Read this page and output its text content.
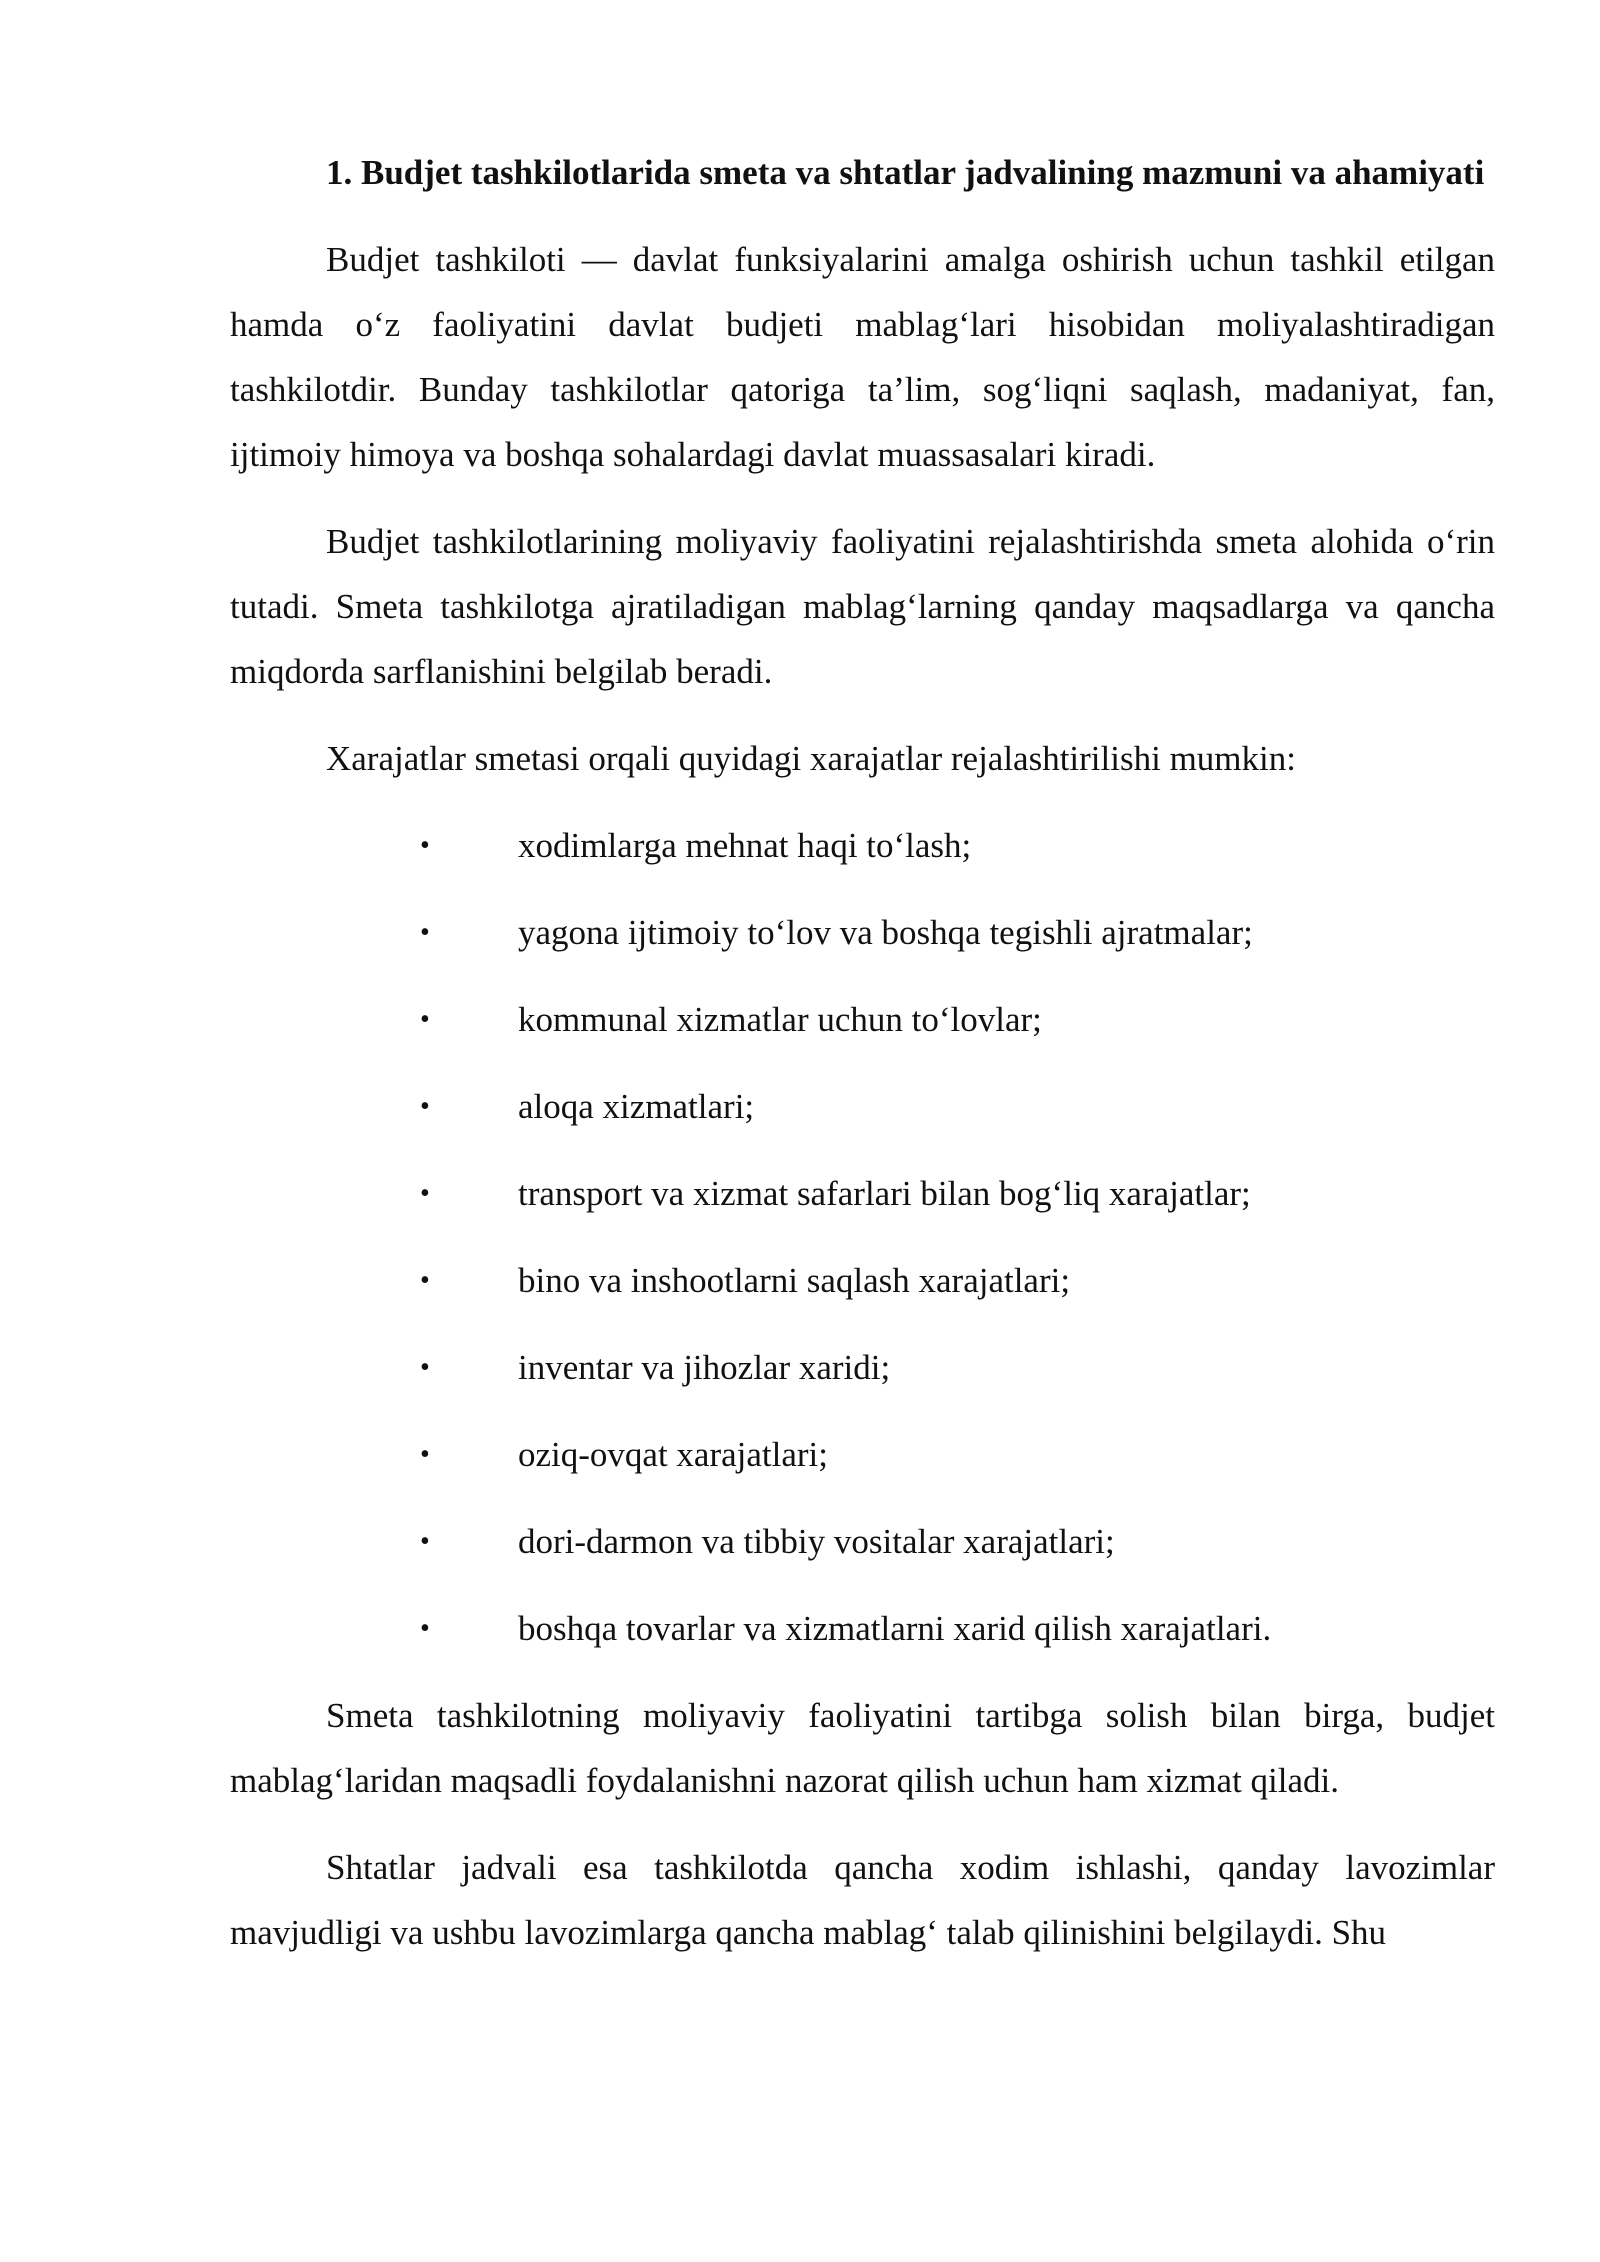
1. Budjet tashkilotlarida smeta va shtatlar jadvalining mazmuni va ahamiyati

Budjet tashkiloti — davlat funksiyalarini amalga oshirish uchun tashkil etilgan hamda o‘z faoliyatini davlat budjeti mablag‘lari hisobidan moliyalashtiradigan tashkilotdir. Bunday tashkilotlar qatoriga ta’lim, sog‘liqni saqlash, madaniyat, fan, ijtimoiy himoya va boshqa sohalardagi davlat muassasalari kiradi.

Budjet tashkilotlarining moliyaviy faoliyatini rejalashtirishda smeta alohida o‘rin tutadi. Smeta tashkilotga ajratiladigan mablag‘larning qanday maqsadlarga va qancha miqdorda sarflanishini belgilab beradi.

Xarajatlar smetasi orqali quyidagi xarajatlar rejalashtirilishi mumkin:

•	xodimlarga mehnat haqi to‘lash;
•	yagona ijtimoiy to‘lov va boshqa tegishli ajratmalar;
•	kommunal xizmatlar uchun to‘lovlar;
•	aloqa xizmatlari;
•	transport va xizmat safarlari bilan bog‘liq xarajatlar;
•	bino va inshootlarni saqlash xarajatlari;
•	inventar va jihozlar xaridi;
•	oziq-ovqat xarajatlari;
•	dori-darmon va tibbiy vositalar xarajatlari;
•	boshqa tovarlar va xizmatlarni xarid qilish xarajatlari.

Smeta tashkilotning moliyaviy faoliyatini tartibga solish bilan birga, budjet mablag‘laridan maqsadli foydalanishni nazorat qilish uchun ham xizmat qiladi.

Shtatlar jadvali esa tashkilotda qancha xodim ishlashi, qanday lavozimlar mavjudligi va ushbu lavozimlarga qancha mablag‘ talab qilinishini belgilaydi. Shu
